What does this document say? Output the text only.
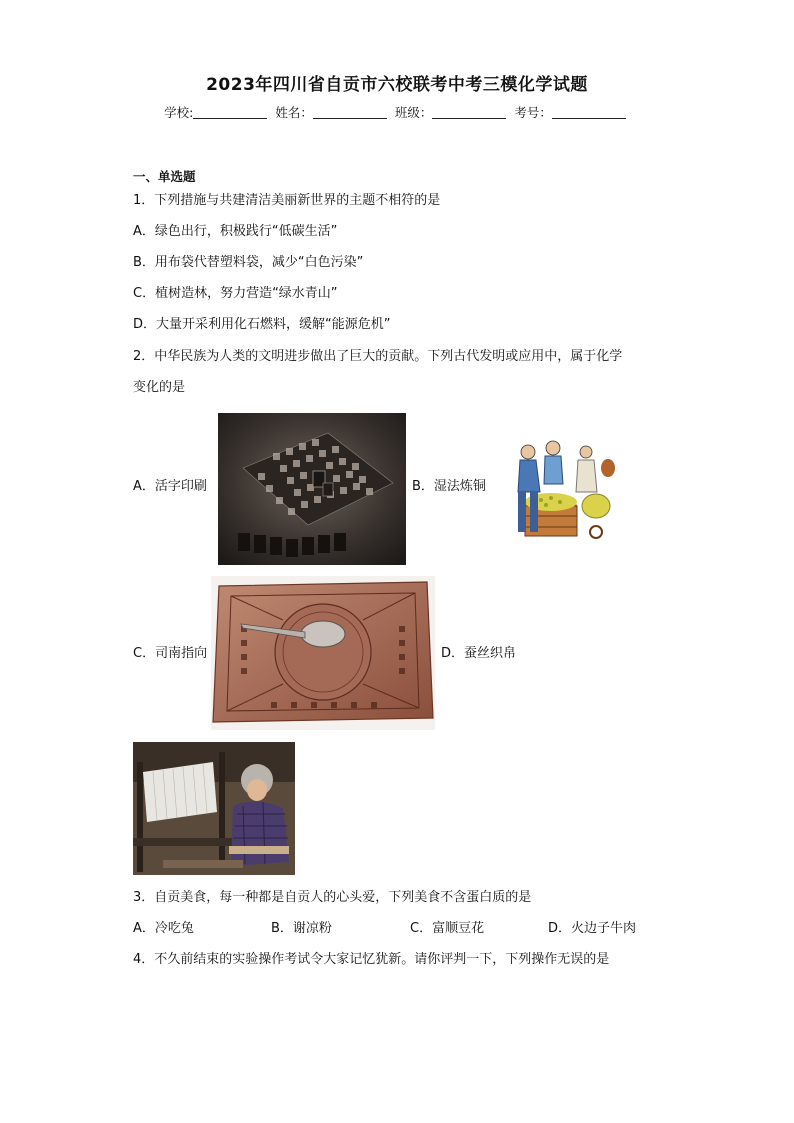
2023年四川省自贡市六校联考中考三模化学试题
学校:	姓名：	班级：	考号：
一、单选题
1．下列措施与共建清洁美丽新世界的主题不相符的是
A．绿色出行，积极践行“低碳生活”
B．用布袋代替塑料袋，减少“白色污染”
C．植树造林，努力营造“绿水青山”
D．大量开采利用化石燃料，缓解“能源危机”
2．中华民族为人类的文明进步做出了巨大的贡献。下列古代发明或应用中，属于化学
变化的是
A．活字印刷	B．湿法炼铜
C．司南指向	D．蚕丝织帛
3．自贡美食，每一种都是自贡人的心头爱，下列美食不含蛋白质的是
A．冷吃兔	B．谢凉粉	C．富顺豆花	D．火边子牛肉
4．不久前结束的实验操作考试令大家记忆犹新。请你评判一下，下列操作无误的是
